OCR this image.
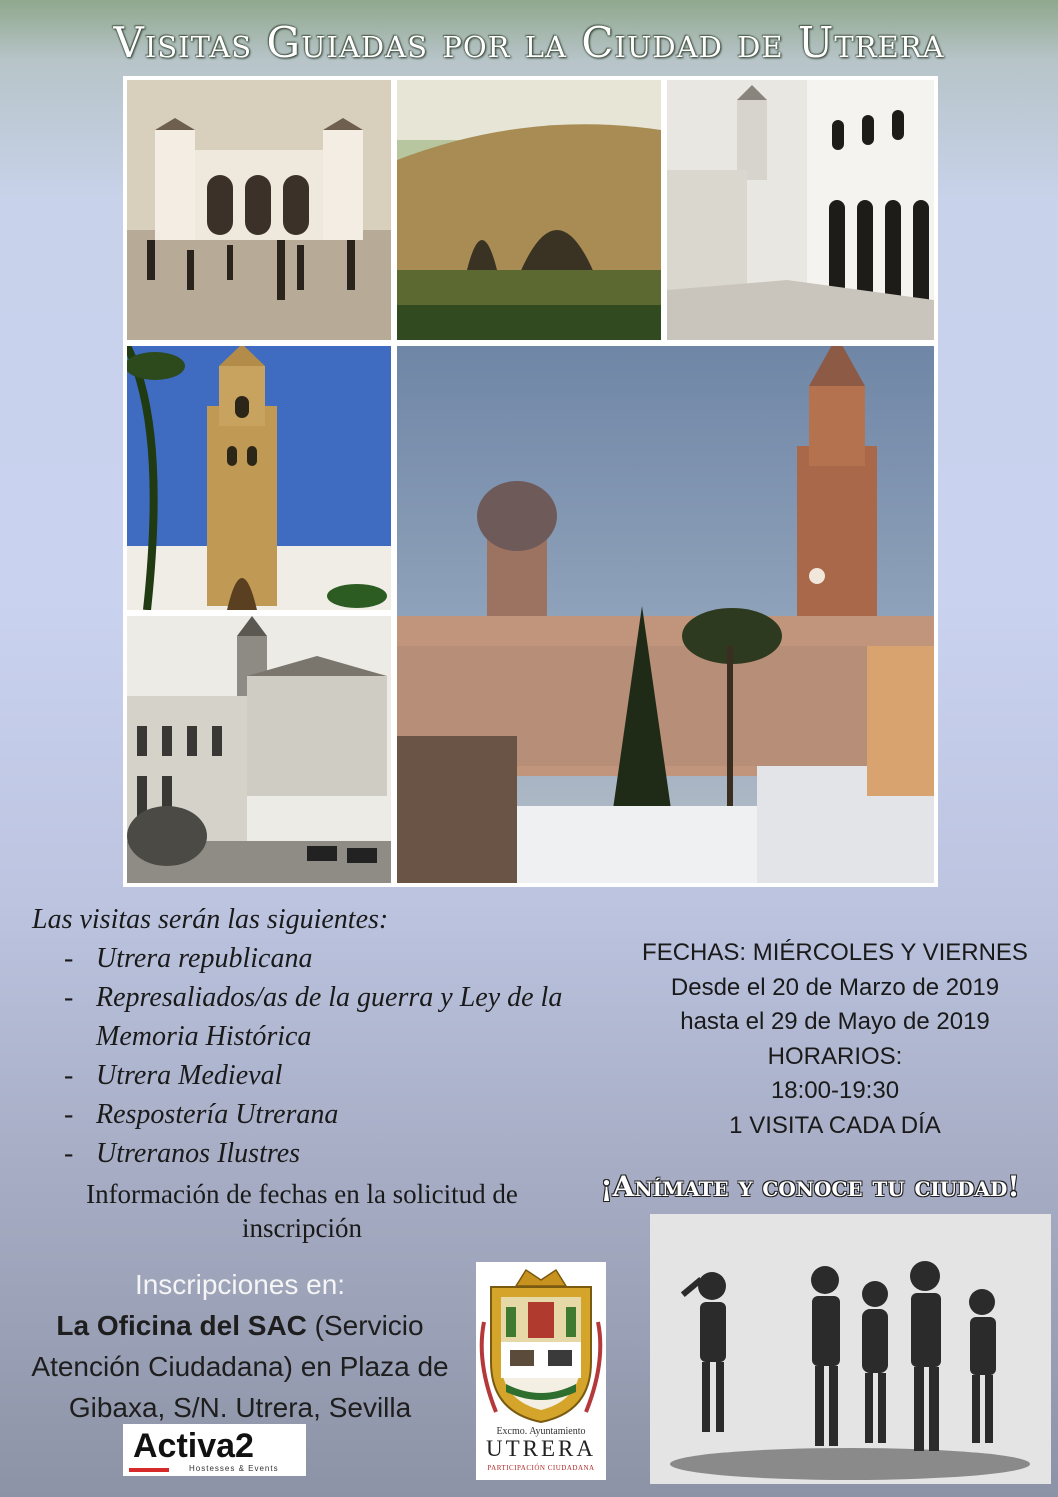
Visitas Guiadas por la Ciudad de Utrera

Las visitas serán las siguientes:

- Utrera republicana
- Represaliados/as de la guerra y Ley de la Memoria Histórica
- Utrera Medieval
- Respostería Utrerana
- Utreranos Ilustres
Información de fechas en la solicitud de inscripción
FECHAS: MIÉRCOLES Y VIERNES
Desde el 20 de Marzo de 2019
hasta el 29 de Mayo de 2019
HORARIOS:
18:00-19:30
1 VISITA CADA DÍA
¡Anímate y conoce tu ciudad!
Inscripciones en:
La Oficina del SAC (Servicio Atención Ciudadana) en Plaza de Gibaxa, S/N. Utrera, Sevilla
Activa2
Hostesses & Events
Excmo. Ayuntamiento
UTRERA
PARTICIPACIÓN CIUDADANA
